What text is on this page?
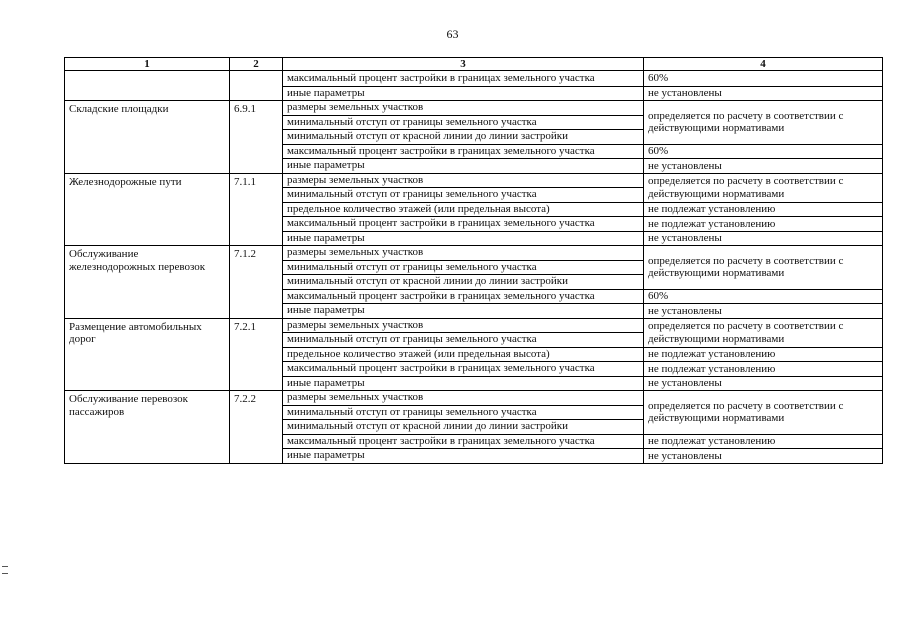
63
1	2	3	4
		максимальный процент застройки в границах земельного участка	60%
		иные параметры	не установлены
Складские площадки	6.9.1	размеры земельных участков	определяется по расчету в соответствии с действующими нормативами
		минимальный отступ от границы земельного участка	
		минимальный отступ от красной линии до линии застройки	
		максимальный процент застройки в границах земельного участка	60%
		иные параметры	не установлены
Железнодорожные пути	7.1.1	размеры земельных участков	определяется по расчету в соответствии с действующими нормативами
		минимальный отступ от границы земельного участка	
		предельное количество этажей (или предельная высота)	не подлежат установлению
		максимальный процент застройки в границах земельного участка	не подлежат установлению
		иные параметры	не установлены
Обслуживание железнодорожных перевозок	7.1.2	размеры земельных участков	определяется по расчету в соответствии с действующими нормативами
		минимальный отступ от границы земельного участка	
		минимальный отступ от красной линии до линии застройки	
		максимальный процент застройки в границах земельного участка	60%
		иные параметры	не установлены
Размещение автомобильных дорог	7.2.1	размеры земельных участков	определяется по расчету в соответствии с действующими нормативами
		минимальный отступ от границы земельного участка	
		предельное количество этажей (или предельная высота)	не подлежат установлению
		максимальный процент застройки в границах земельного участка	не подлежат установлению
		иные параметры	не установлены
Обслуживание перевозок пассажиров	7.2.2	размеры земельных участков	определяется по расчету в соответствии с действующими нормативами
		минимальный отступ от границы земельного участка	
		минимальный отступ от красной линии до линии застройки	
		максимальный процент застройки в границах земельного участка	не подлежат установлению
		иные параметры	не установлены
